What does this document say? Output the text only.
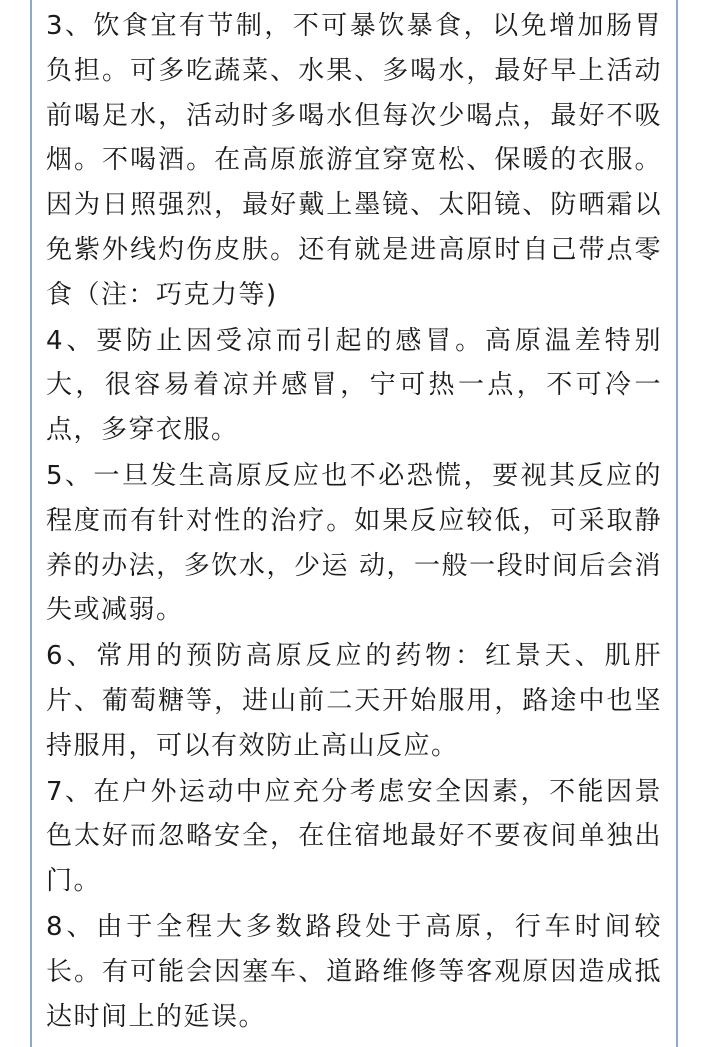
3、饮食宜有节制，不可暴饮暴食，以免增加肠胃负担。可多吃蔬菜、水果、多喝水，最好早上活动前喝足水，活动时多喝水但每次少喝点，最好不吸烟。不喝酒。在高原旅游宜穿宽松、保暖的衣服。因为日照强烈，最好戴上墨镜、太阳镜、防晒霜以免紫外线灼伤皮肤。还有就是进高原时自己带点零食（注：巧克力等)

4、要防止因受凉而引起的感冒。高原温差特别大，很容易着凉并感冒，宁可热一点，不可冷一点，多穿衣服。

5、一旦发生高原反应也不必恐慌，要视其反应的程度而有针对性的治疗。如果反应较低，可采取静养的办法，多饮水，少运 动，一般一段时间后会消失或减弱。

6、常用的预防高原反应的药物：红景天、肌肝片、葡萄糖等，进山前二天开始服用，路途中也坚持服用，可以有效防止高山反应。

7、在户外运动中应充分考虑安全因素，不能因景色太好而忽略安全，在住宿地最好不要夜间单独出门。

8、由于全程大多数路段处于高原，行车时间较长。有可能会因塞车、道路维修等客观原因造成抵达时间上的延误。
